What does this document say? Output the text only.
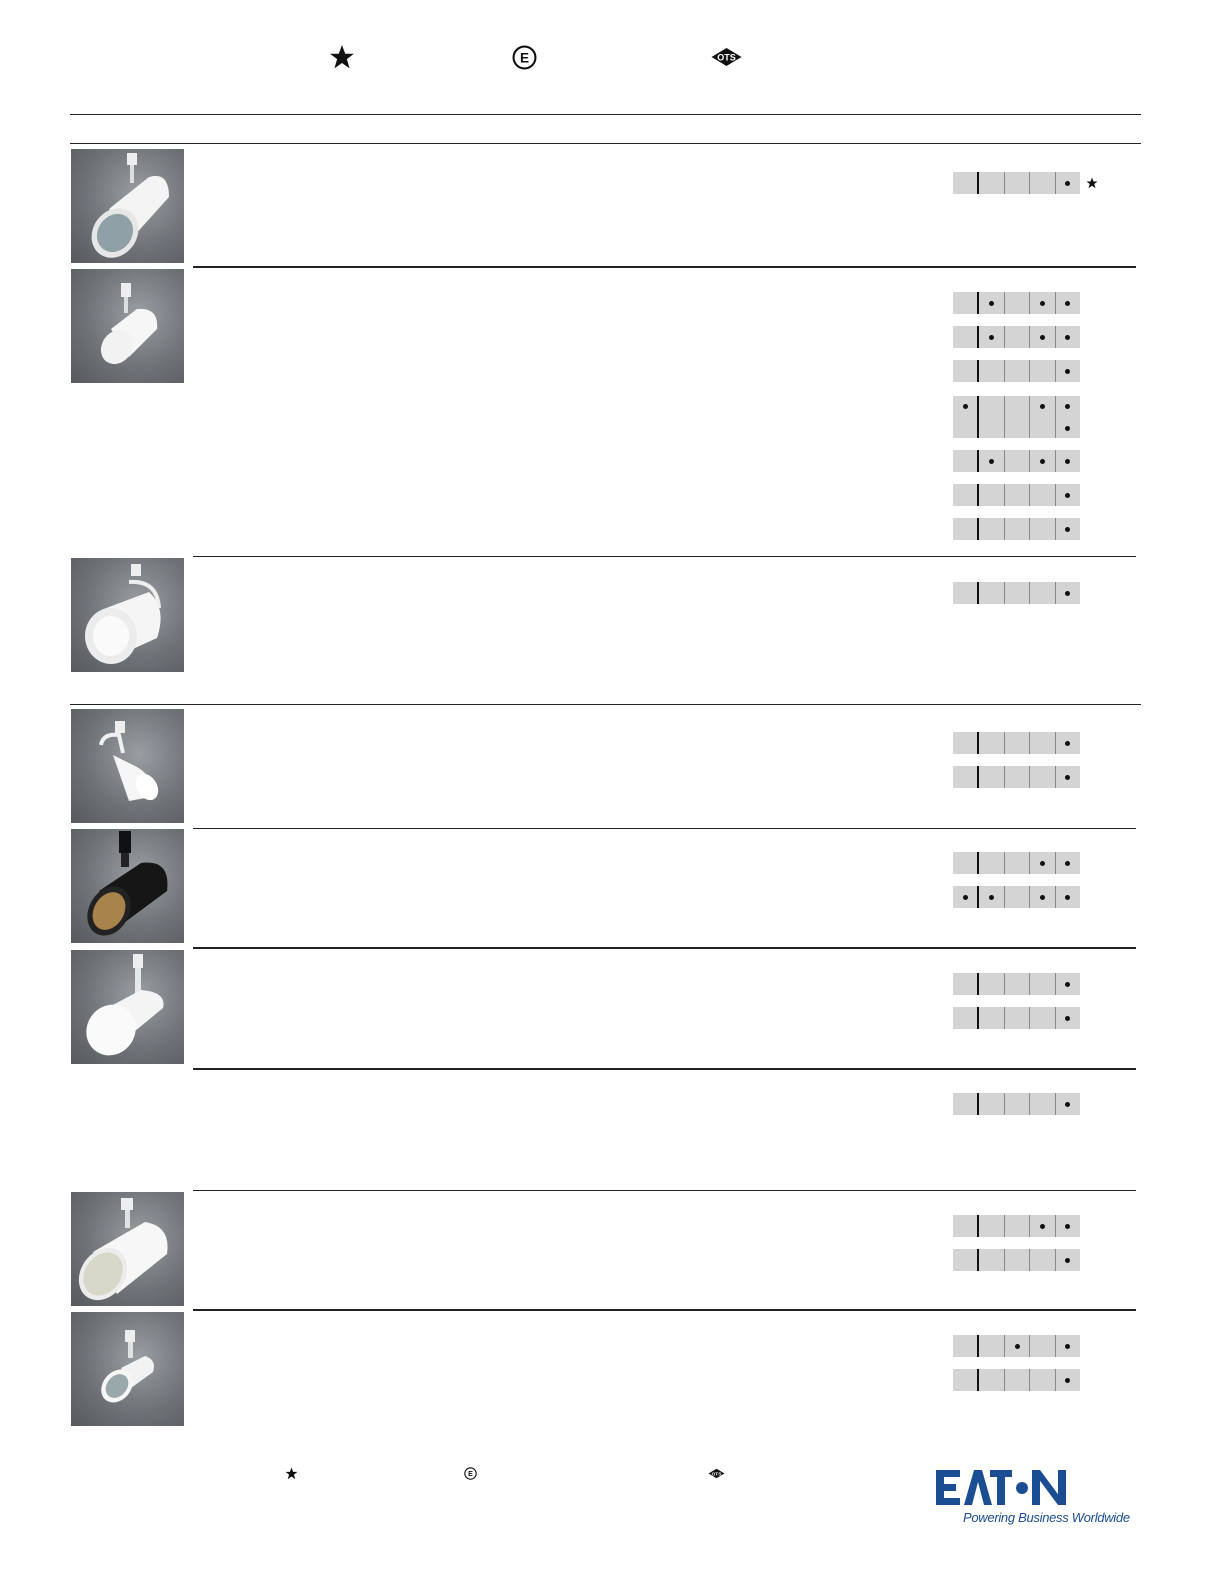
E	OTS
E	OTS
Powering Business Worldwide
